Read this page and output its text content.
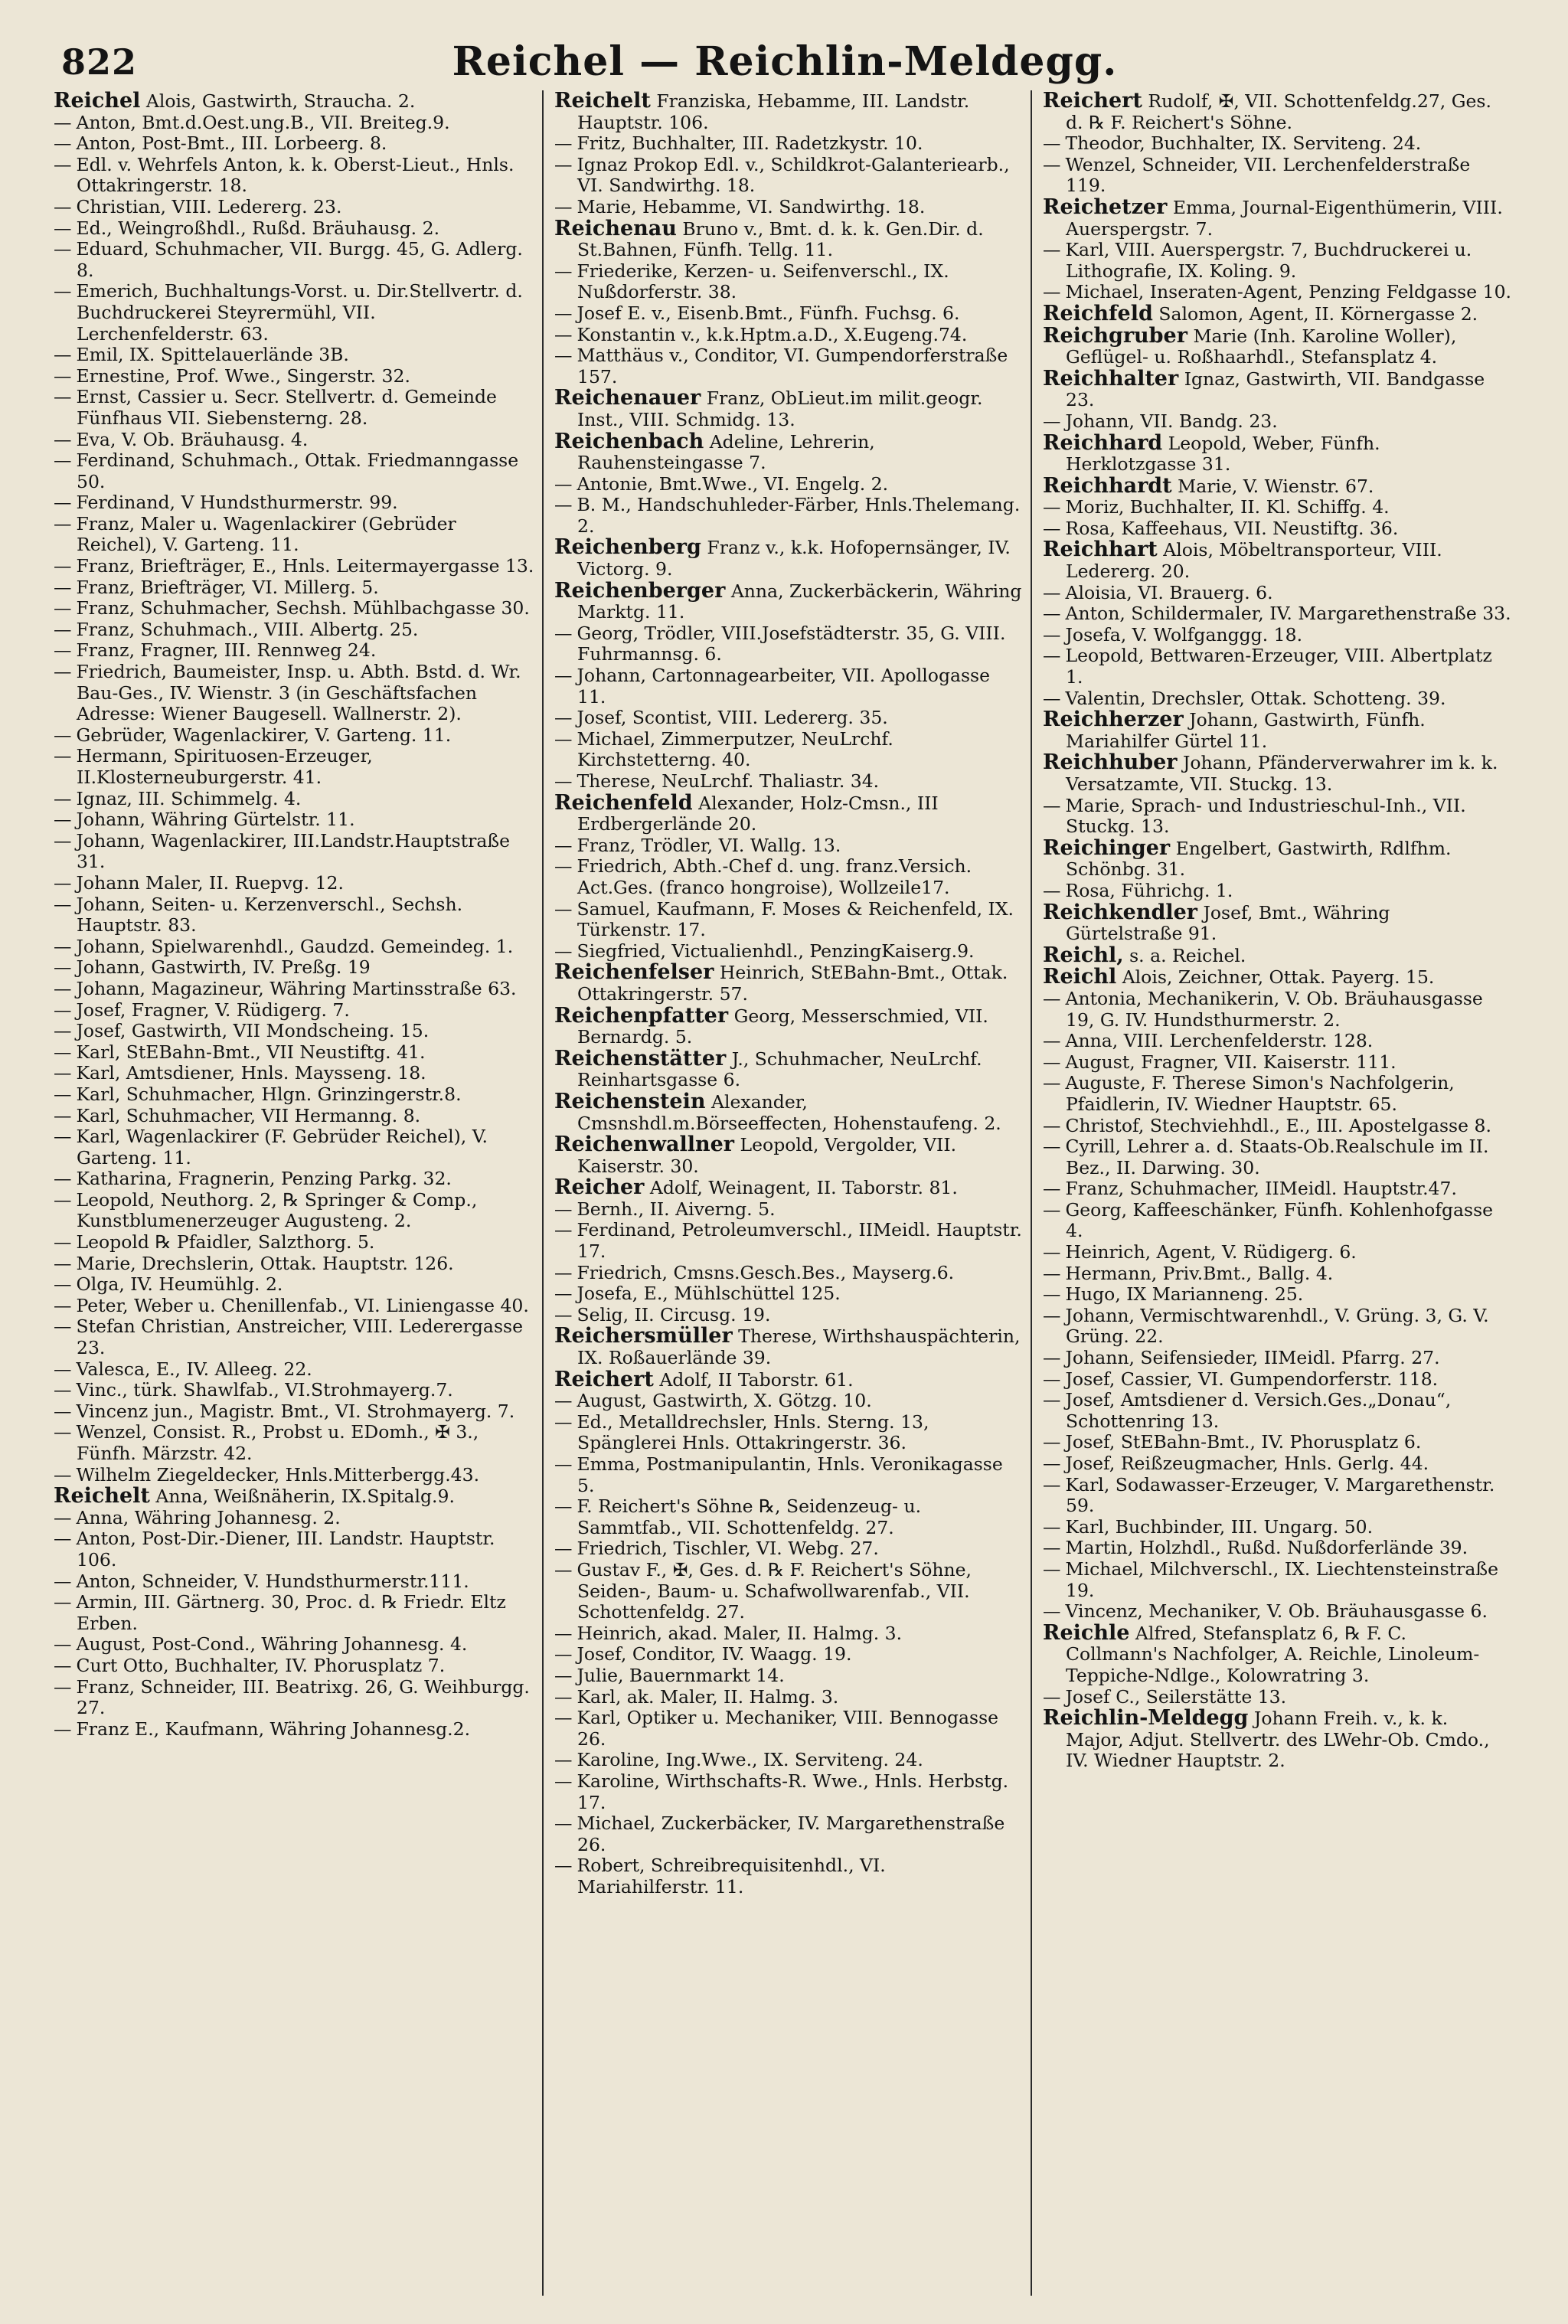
822	Reichel — Reichlin-Meldegg.
Reichel Alois, Gastwirth, Straucha. 2.
— Anton, Bmt.d.Oest.ung.B., VII. Breiteg.9.
— Anton, Post-Bmt., III. Lorbeerg. 8.
— Edl. v. Wehrfels Anton, k. k. Oberst-Lieut., Hnls. Ottakringerstr. 18.
— Christian, VIII. Ledererg. 23.
— Ed., Weingroßhdl., Rußd. Bräuhausg. 2.
— Eduard, Schuhmacher, VII. Burgg. 45, G. Adlerg. 8.
— Emerich, Buchhaltungs-Vorst. u. Dir.Stellvertr. d. Buchdruckerei Steyrermühl, VII. Lerchenfelderstr. 63.
— Emil, IX. Spittelauerlände 3B.
— Ernestine, Prof. Wwe., Singerstr. 32.
— Ernst, Cassier u. Secr. Stellvertr. d. Gemeinde Fünfhaus VII. Siebensterng. 28.
— Eva, V. Ob. Bräuhausg. 4.
— Ferdinand, Schuhmach., Ottak. Friedmanngasse 50.
— Ferdinand, V Hundsthurmerstr. 99.
— Franz, Maler u. Wagenlackirer (Gebrüder Reichel), V. Garteng. 11.
— Franz, Briefträger, E., Hnls. Leitermayergasse 13.
— Franz, Briefträger, VI. Millerg. 5.
— Franz, Schuhmacher, Sechsh. Mühlbachgasse 30.
— Franz, Schuhmach., VIII. Albertg. 25.
— Franz, Fragner, III. Rennweg 24.
— Friedrich, Baumeister, Insp. u. Abth. Bstd. d. Wr. Bau-Ges., IV. Wienstr. 3 (in Geschäftsfachen Adresse: Wiener Baugesell. Wallnerstr. 2).
— Gebrüder, Wagenlackirer, V. Garteng. 11.
— Hermann, Spirituosen-Erzeuger, II.Klosterneuburgerstr. 41.
— Ignaz, III. Schimmelg. 4.
— Johann, Währing Gürtelstr. 11.
— Johann, Wagenlackirer, III.Landstr.Hauptstraße 31.
— Johann Maler, II. Ruepvg. 12.
— Johann, Seiten- u. Kerzenverschl., Sechsh. Hauptstr. 83.
— Johann, Spielwarenhdl., Gaudzd. Gemeindeg. 1.
— Johann, Gastwirth, IV. Preßg. 19
— Johann, Magazineur, Währing Martinsstraße 63.
— Josef, Fragner, V. Rüdigerg. 7.
— Josef, Gastwirth, VII Mondscheing. 15.
— Karl, StEBahn-Bmt., VII Neustiftg. 41.
— Karl, Amtsdiener, Hnls. Maysseng. 18.
— Karl, Schuhmacher, Hlgn. Grinzingerstr.8.
— Karl, Schuhmacher, VII Hermanng. 8.
— Karl, Wagenlackirer (F. Gebrüder Reichel), V. Garteng. 11.
— Katharina, Fragnerin, Penzing Parkg. 32.
— Leopold, Neuthorg. 2, ℞ Springer & Comp., Kunstblumenerzeuger Augusteng. 2.
— Leopold ℞ Pfaidler, Salzthorg. 5.
— Marie, Drechslerin, Ottak. Hauptstr. 126.
— Olga, IV. Heumühlg. 2.
— Peter, Weber u. Chenillenfab., VI. Liniengasse 40.
— Stefan Christian, Anstreicher, VIII. Lederergasse 23.
— Valesca, E., IV. Alleeg. 22.
— Vinc., türk. Shawlfab., VI.Strohmayerg.7.
— Vincenz jun., Magistr. Bmt., VI. Strohmayerg. 7.
— Wenzel, Consist. R., Probst u. EDomh., ✠ 3., Fünfh. Märzstr. 42.
— Wilhelm Ziegeldecker, Hnls.Mitterbergg.43.
Reichelt Anna, Weißnäherin, IX.Spitalg.9.
— Anna, Währing Johannesg. 2.
— Anton, Post-Dir.-Diener, III. Landstr. Hauptstr. 106.
— Anton, Schneider, V. Hundsthurmerstr.111.
— Armin, III. Gärtnerg. 30, Proc. d. ℞ Friedr. Eltz Erben.
— August, Post-Cond., Währing Johannesg. 4.
— Curt Otto, Buchhalter, IV. Phorusplatz 7.
— Franz, Schneider, III. Beatrixg. 26, G. Weihburgg. 27.
— Franz E., Kaufmann, Währing Johannesg.2.
Reichelt Franziska, Hebamme, III. Landstr. Hauptstr. 106.
— Fritz, Buchhalter, III. Radetzkystr. 10.
— Ignaz Prokop Edl. v., Schildkrot-Galanteriearb., VI. Sandwirthg. 18.
— Marie, Hebamme, VI. Sandwirthg. 18.
Reichenau Bruno v., Bmt. d. k. k. Gen.Dir. d. St.Bahnen, Fünfh. Tellg. 11.
— Friederike, Kerzen- u. Seifenverschl., IX. Nußdorferstr. 38.
— Josef E. v., Eisenb.Bmt., Fünfh. Fuchsg. 6.
— Konstantin v., k.k.Hptm.a.D., X.Eugeng.74.
— Matthäus v., Conditor, VI. Gumpendorferstraße 157.
Reichenauer Franz, ObLieut.im milit.geogr. Inst., VIII. Schmidg. 13.
Reichenbach Adeline, Lehrerin, Rauhensteingasse 7.
— Antonie, Bmt.Wwe., VI. Engelg. 2.
— B. M., Handschuhleder-Färber, Hnls.Thelemang. 2.
Reichenberg Franz v., k.k. Hofopernsänger, IV. Victorg. 9.
Reichenberger Anna, Zuckerbäckerin, Währing Marktg. 11.
— Georg, Trödler, VIII.Josefstädterstr. 35, G. VIII. Fuhrmannsg. 6.
— Johann, Cartonnagearbeiter, VII. Apollogasse 11.
— Josef, Scontist, VIII. Ledererg. 35.
— Michael, Zimmerputzer, NeuLrchf. Kirchstetterng. 40.
— Therese, NeuLrchf. Thaliastr. 34.
Reichenfeld Alexander, Holz-Cmsn., III Erdbergerlände 20.
— Franz, Trödler, VI. Wallg. 13.
— Friedrich, Abth.-Chef d. ung. franz.Versich. Act.Ges. (franco hongroise), Wollzeile17.
— Samuel, Kaufmann, F. Moses & Reichenfeld, IX. Türkenstr. 17.
— Siegfried, Victualienhdl., PenzingKaiserg.9.
Reichenfelser Heinrich, StEBahn-Bmt., Ottak. Ottakringerstr. 57.
Reichenpfatter Georg, Messerschmied, VII. Bernardg. 5.
Reichenstätter J., Schuhmacher, NeuLrchf. Reinhartsgasse 6.
Reichenstein Alexander, Cmsnshdl.m.Börseeffecten, Hohenstaufeng. 2.
Reichenwallner Leopold, Vergolder, VII. Kaiserstr. 30.
Reicher Adolf, Weinagent, II. Taborstr. 81.
— Bernh., II. Aiverng. 5.
— Ferdinand, Petroleumverschl., IIMeidl. Hauptstr. 17.
— Friedrich, Cmsns.Gesch.Bes., Mayserg.6.
— Josefa, E., Mühlschüttel 125.
— Selig, II. Circusg. 19.
Reichersmüller Therese, Wirthshauspächterin, IX. Roßauerlände 39.
Reichert Adolf, II Taborstr. 61.
— August, Gastwirth, X. Götzg. 10.
— Ed., Metalldrechsler, Hnls. Sterng. 13, Spänglerei Hnls. Ottakringerstr. 36.
— Emma, Postmanipulantin, Hnls. Veronikagasse 5.
— F. Reichert's Söhne ℞, Seidenzeug- u. Sammtfab., VII. Schottenfeldg. 27.
— Friedrich, Tischler, VI. Webg. 27.
— Gustav F., ✠, Ges. d. ℞ F. Reichert's Söhne, Seiden-, Baum- u. Schafwollwarenfab., VII. Schottenfeldg. 27.
— Heinrich, akad. Maler, II. Halmg. 3.
— Josef, Conditor, IV. Waagg. 19.
— Julie, Bauernmarkt 14.
— Karl, ak. Maler, II. Halmg. 3.
— Karl, Optiker u. Mechaniker, VIII. Bennogasse 26.
— Karoline, Ing.Wwe., IX. Serviteng. 24.
— Karoline, Wirthschafts-R. Wwe., Hnls. Herbstg. 17.
— Michael, Zuckerbäcker, IV. Margarethenstraße 26.
— Robert, Schreibrequisitenhdl., VI. Mariahilferstr. 11.
Reichert Rudolf, ✠, VII. Schottenfeldg.27, Ges. d. ℞ F. Reichert's Söhne.
— Theodor, Buchhalter, IX. Serviteng. 24.
— Wenzel, Schneider, VII. Lerchenfelderstraße 119.
Reichetzer Emma, Journal-Eigenthümerin, VIII. Auerspergstr. 7.
— Karl, VIII. Auerspergstr. 7, Buchdruckerei u. Lithografie, IX. Koling. 9.
— Michael, Inseraten-Agent, Penzing Feldgasse 10.
Reichfeld Salomon, Agent, II. Körnergasse 2.
Reichgruber Marie (Inh. Karoline Woller), Geflügel- u. Roßhaarhdl., Stefansplatz 4.
Reichhalter Ignaz, Gastwirth, VII. Bandgasse 23.
— Johann, VII. Bandg. 23.
Reichhard Leopold, Weber, Fünfh. Herklotzgasse 31.
Reichhardt Marie, V. Wienstr. 67.
— Moriz, Buchhalter, II. Kl. Schiffg. 4.
— Rosa, Kaffeehaus, VII. Neustiftg. 36.
Reichhart Alois, Möbeltransporteur, VIII. Ledererg. 20.
— Aloisia, VI. Brauerg. 6.
— Anton, Schildermaler, IV. Margarethenstraße 33.
— Josefa, V. Wolfganggg. 18.
— Leopold, Bettwaren-Erzeuger, VIII. Albertplatz 1.
— Valentin, Drechsler, Ottak. Schotteng. 39.
Reichherzer Johann, Gastwirth, Fünfh. Mariahilfer Gürtel 11.
Reichhuber Johann, Pfänderverwahrer im k. k. Versatzamte, VII. Stuckg. 13.
— Marie, Sprach- und Industrieschul-Inh., VII. Stuckg. 13.
Reichinger Engelbert, Gastwirth, Rdlfhm. Schönbg. 31.
— Rosa, Führichg. 1.
Reichkendler Josef, Bmt., Währing Gürtelstraße 91.
Reichl, s. a. Reichel.
Reichl Alois, Zeichner, Ottak. Payerg. 15.
— Antonia, Mechanikerin, V. Ob. Bräuhausgasse 19, G. IV. Hundsthurmerstr. 2.
— Anna, VIII. Lerchenfelderstr. 128.
— August, Fragner, VII. Kaiserstr. 111.
— Auguste, F. Therese Simon's Nachfolgerin, Pfaidlerin, IV. Wiedner Hauptstr. 65.
— Christof, Stechviehhdl., E., III. Apostelgasse 8.
— Cyrill, Lehrer a. d. Staats-Ob.Realschule im II. Bez., II. Darwing. 30.
— Franz, Schuhmacher, IIMeidl. Hauptstr.47.
— Georg, Kaffeeschänker, Fünfh. Kohlenhofgasse 4.
— Heinrich, Agent, V. Rüdigerg. 6.
— Hermann, Priv.Bmt., Ballg. 4.
— Hugo, IX Marianneng. 25.
— Johann, Vermischtwarenhdl., V. Grüng. 3, G. V. Grüng. 22.
— Johann, Seifensieder, IIMeidl. Pfarrg. 27.
— Josef, Cassier, VI. Gumpendorferstr. 118.
— Josef, Amtsdiener d. Versich.Ges.„Donau“, Schottenring 13.
— Josef, StEBahn-Bmt., IV. Phorusplatz 6.
— Josef, Reißzeugmacher, Hnls. Gerlg. 44.
— Karl, Sodawasser-Erzeuger, V. Margarethenstr. 59.
— Karl, Buchbinder, III. Ungarg. 50.
— Martin, Holzhdl., Rußd. Nußdorferlände 39.
— Michael, Milchverschl., IX. Liechtensteinstraße 19.
— Vincenz, Mechaniker, V. Ob. Bräuhausgasse 6.
Reichle Alfred, Stefansplatz 6, ℞ F. C. Collmann's Nachfolger, A. Reichle, Linoleum-Teppiche-Ndlge., Kolowratring 3.
— Josef C., Seilerstätte 13.
Reichlin-Meldegg Johann Freih. v., k. k. Major, Adjut. Stellvertr. des LWehr-Ob. Cmdo., IV. Wiedner Hauptstr. 2.
